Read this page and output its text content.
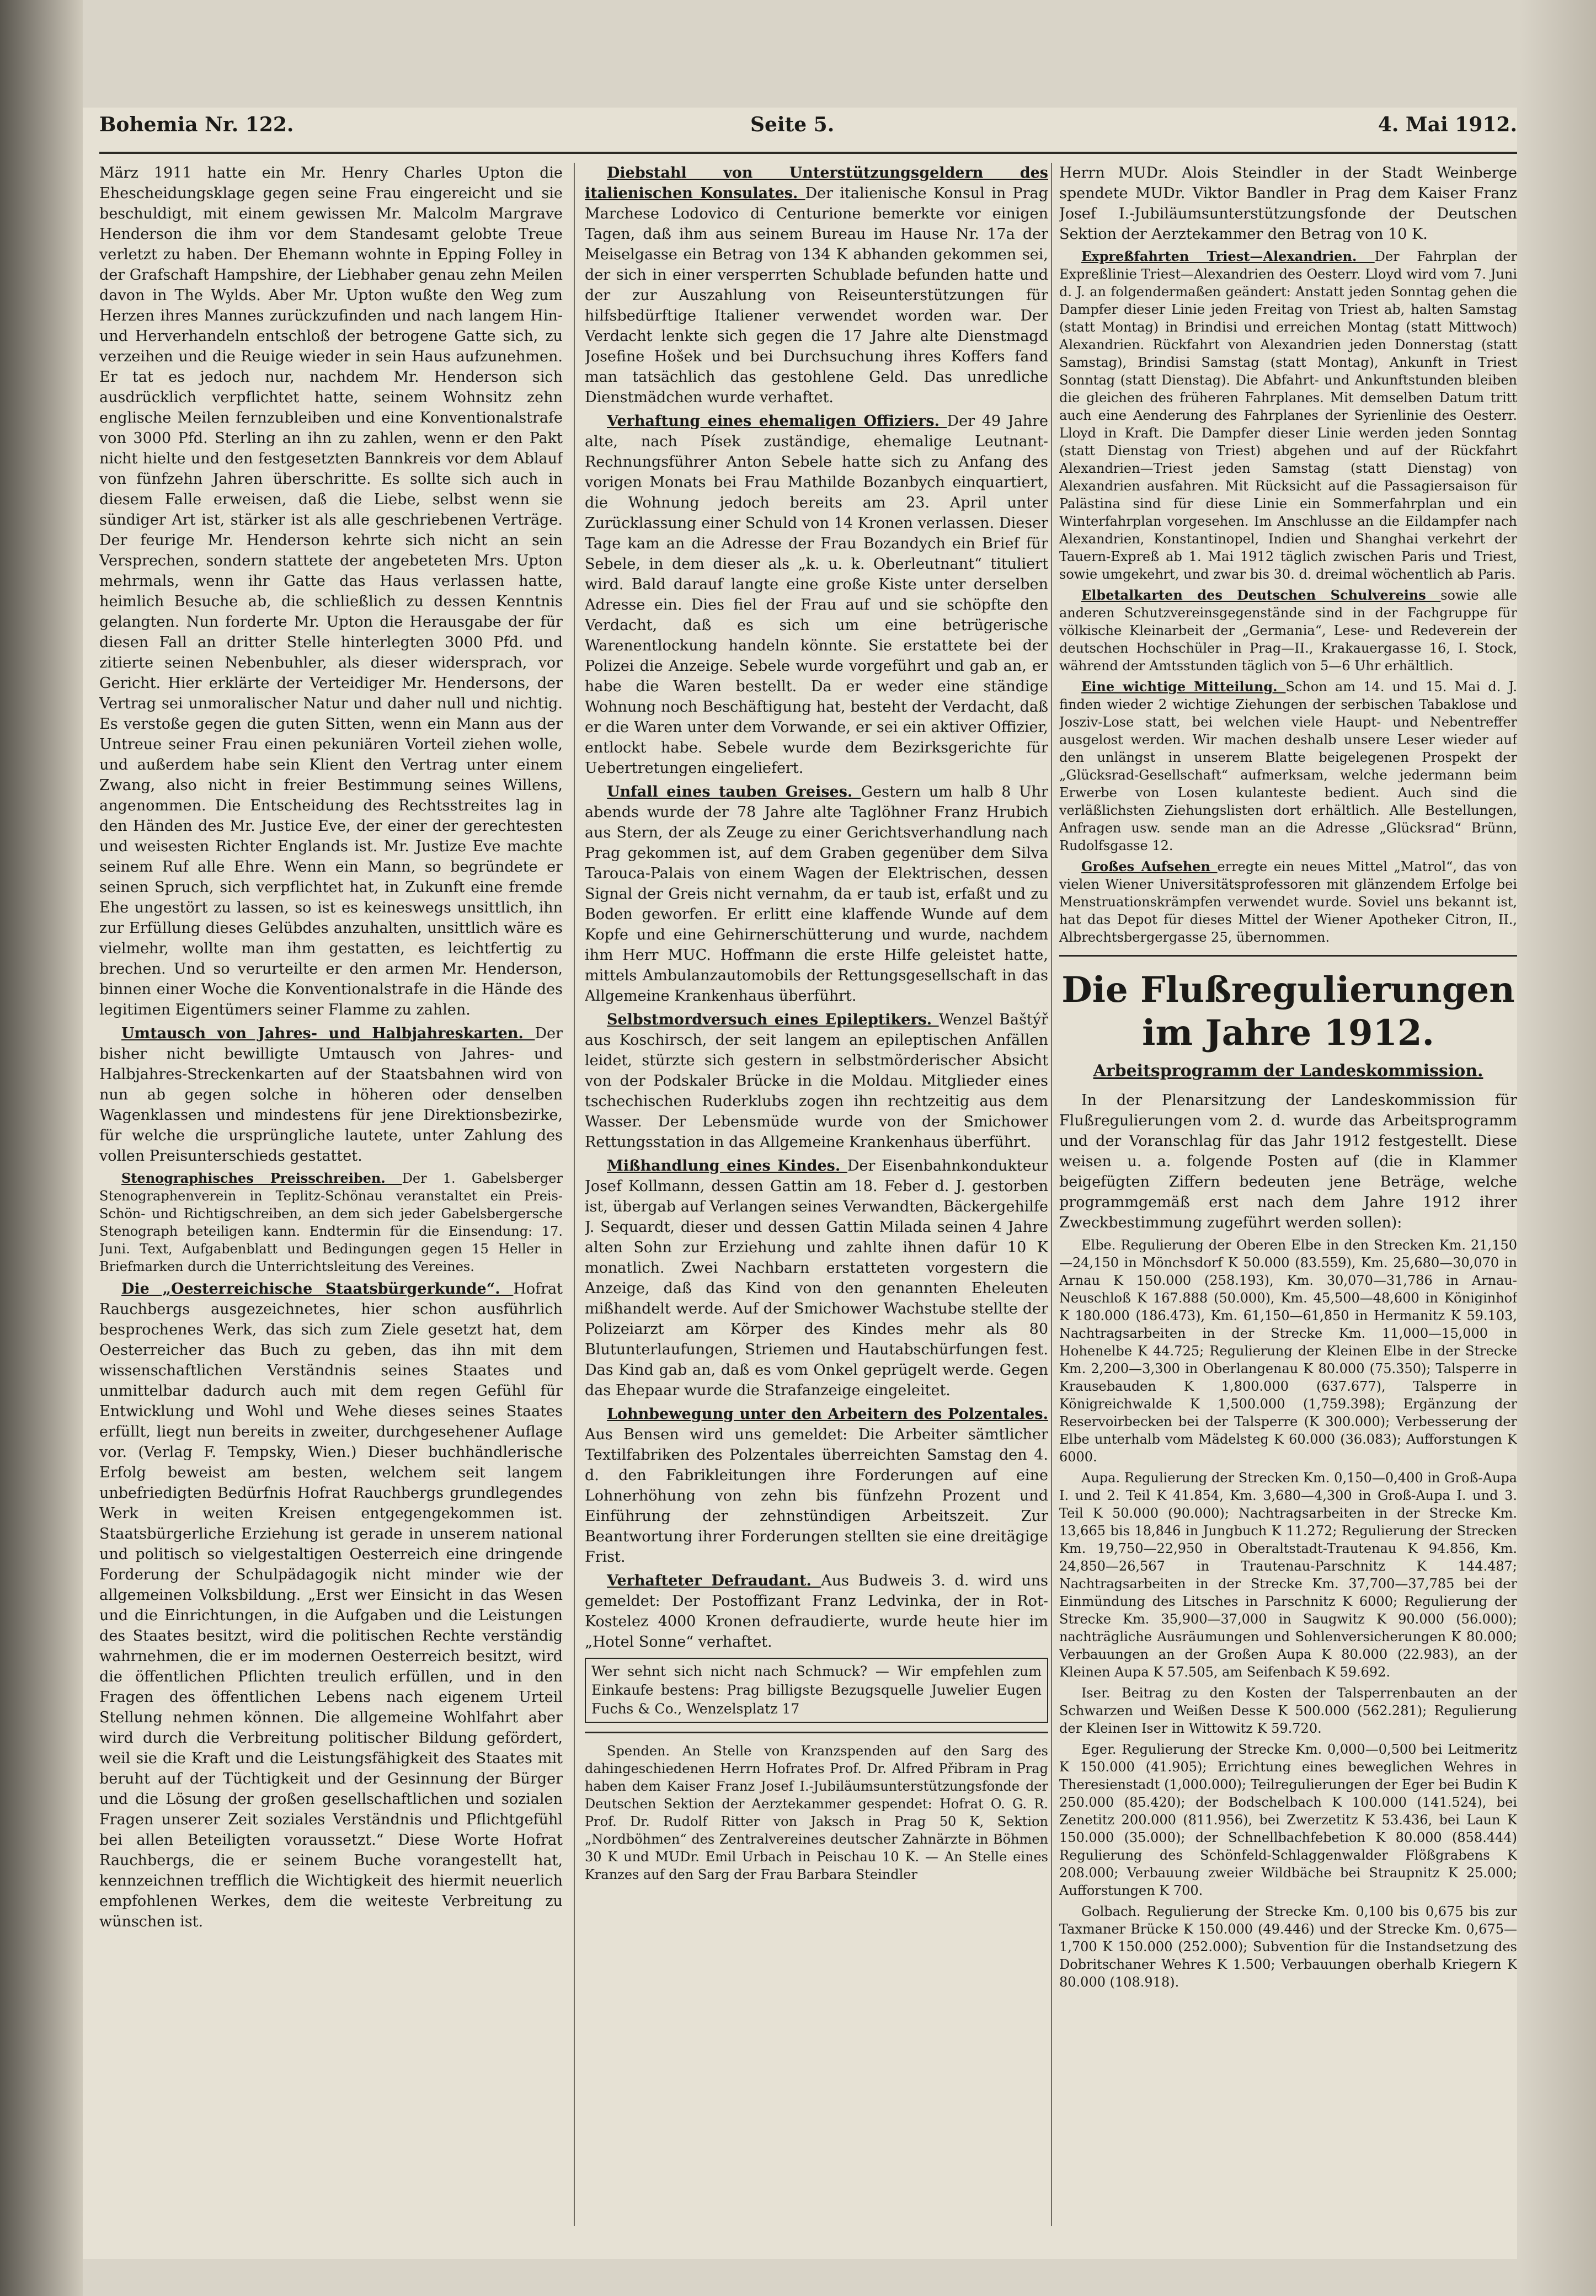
Bohemia Nr. 122.	Seite 5.	4. Mai 1912.

März 1911 hatte ein Mr. Henry Charles Upton die Ehescheidungsklage gegen seine Frau eingereicht und sie beschuldigt, mit einem gewissen Mr. Malcolm Margrave Henderson die ihm vor dem Standesamt gelobte Treue verletzt zu haben. Der Ehemann wohnte in Epping Folley in der Grafschaft Hampshire, der Liebhaber genau zehn Meilen davon in The Wylds. Aber Mr. Upton wußte den Weg zum Herzen ihres Mannes zurückzufinden und nach langem Hin- und Herverhandeln entschloß der betrogene Gatte sich, zu verzeihen und die Reuige wieder in sein Haus aufzunehmen. Er tat es jedoch nur, nachdem Mr. Henderson sich ausdrücklich verpflichtet hatte, seinem Wohnsitz zehn englische Meilen fernzubleiben und eine Konventionalstrafe von 3000 Pfd. Sterling an ihn zu zahlen, wenn er den Pakt nicht hielte und den festgesetzten Bannkreis vor dem Ablauf von fünfzehn Jahren überschritte. Es sollte sich auch in diesem Falle erweisen, daß die Liebe, selbst wenn sie sündiger Art ist, stärker ist als alle geschriebenen Verträge. Der feurige Mr. Henderson kehrte sich nicht an sein Versprechen, sondern stattete der angebeteten Mrs. Upton mehrmals, wenn ihr Gatte das Haus verlassen hatte, heimlich Besuche ab, die schließlich zu dessen Kenntnis gelangten. Nun forderte Mr. Upton die Herausgabe der für diesen Fall an dritter Stelle hinterlegten 3000 Pfd. und zitierte seinen Nebenbuhler, als dieser widersprach, vor Gericht. Hier erklärte der Verteidiger Mr. Hendersons, der Vertrag sei unmoralischer Natur und daher null und nichtig. Es verstoße gegen die guten Sitten, wenn ein Mann aus der Untreue seiner Frau einen pekuniären Vorteil ziehen wolle, und außerdem habe sein Klient den Vertrag unter einem Zwang, also nicht in freier Bestimmung seines Willens, angenommen. Die Entscheidung des Rechtsstreites lag in den Händen des Mr. Justice Eve, der einer der gerechtesten und weisesten Richter Englands ist. Mr. Justize Eve machte seinem Ruf alle Ehre. Wenn ein Mann, so begründete er seinen Spruch, sich verpflichtet hat, in Zukunft eine fremde Ehe ungestört zu lassen, so ist es keineswegs unsittlich, ihn zur Erfüllung dieses Gelübdes anzuhalten, unsittlich wäre es vielmehr, wollte man ihm gestatten, es leichtfertig zu brechen. Und so verurteilte er den armen Mr. Henderson, binnen einer Woche die Konventionalstrafe in die Hände des legitimen Eigentümers seiner Flamme zu zahlen.

Umtausch von Jahres- und Halbjahreskarten. Der bisher nicht bewilligte Umtausch von Jahres- und Halbjahres-Streckenkarten auf der Staatsbahnen wird von nun ab gegen solche in höheren oder denselben Wagenklassen und mindestens für jene Direktionsbezirke, für welche die ursprüngliche lautete, unter Zahlung des vollen Preisunterschieds gestattet.

Stenographisches Preisschreiben. Der 1. Gabelsberger Stenographenverein in Teplitz-Schönau veranstaltet ein Preis-Schön- und Richtigschreiben, an dem sich jeder Gabelsbergersche Stenograph beteiligen kann. Endtermin für die Einsendung: 17. Juni. Text, Aufgabenblatt und Bedingungen gegen 15 Heller in Briefmarken durch die Unterrichtsleitung des Vereines.

Die „Oesterreichische Staatsbürgerkunde“. Hofrat Rauchbergs ausgezeichnetes, hier schon ausführlich besprochenes Werk, das sich zum Ziele gesetzt hat, dem Oesterreicher das Buch zu geben, das ihn mit dem wissenschaftlichen Verständnis seines Staates und unmittelbar dadurch auch mit dem regen Gefühl für Entwicklung und Wohl und Wehe dieses seines Staates erfüllt, liegt nun bereits in zweiter, durchgesehener Auflage vor. (Verlag F. Tempsky, Wien.) Dieser buchhändlerische Erfolg beweist am besten, welchem seit langem unbefriedigten Bedürfnis Hofrat Rauchbergs grundlegendes Werk in weiten Kreisen entgegengekommen ist. Staatsbürgerliche Erziehung ist gerade in unserem national und politisch so vielgestaltigen Oesterreich eine dringende Forderung der Schulpädagogik nicht minder wie der allgemeinen Volksbildung. „Erst wer Einsicht in das Wesen und die Einrichtungen, in die Aufgaben und die Leistungen des Staates besitzt, wird die politischen Rechte verständig wahrnehmen, die er im modernen Oesterreich besitzt, wird die öffentlichen Pflichten treulich erfüllen, und in den Fragen des öffentlichen Lebens nach eigenem Urteil Stellung nehmen können. Die allgemeine Wohlfahrt aber wird durch die Verbreitung politischer Bildung gefördert, weil sie die Kraft und die Leistungsfähigkeit des Staates mit beruht auf der Tüchtigkeit und der Gesinnung der Bürger und die Lösung der großen gesellschaftlichen und sozialen Fragen unserer Zeit soziales Verständnis und Pflichtgefühl bei allen Beteiligten voraussetzt.“ Diese Worte Hofrat Rauchbergs, die er seinem Buche vorangestellt hat, kennzeichnen trefflich die Wichtigkeit des hiermit neuerlich empfohlenen Werkes, dem die weiteste Verbreitung zu wünschen ist.

Diebstahl von Unterstützungsgeldern des italienischen Konsulates. Der italienische Konsul in Prag Marchese Lodovico di Centurione bemerkte vor einigen Tagen, daß ihm aus seinem Bureau im Hause Nr. 17a der Meiselgasse ein Betrag von 134 K abhanden gekommen sei, der sich in einer versperrten Schublade befunden hatte und der zur Auszahlung von Reiseunterstützungen für hilfsbedürftige Italiener verwendet worden war. Der Verdacht lenkte sich gegen die 17 Jahre alte Dienstmagd Josefine Hošek und bei Durchsuchung ihres Koffers fand man tatsächlich das gestohlene Geld. Das unredliche Dienstmädchen wurde verhaftet.

Verhaftung eines ehemaligen Offiziers. Der 49 Jahre alte, nach Písek zuständige, ehemalige Leutnant-Rechnungsführer Anton Sebele hatte sich zu Anfang des vorigen Monats bei Frau Mathilde Bozanbych einquartiert, die Wohnung jedoch bereits am 23. April unter Zurücklassung einer Schuld von 14 Kronen verlassen. Dieser Tage kam an die Adresse der Frau Bozandych ein Brief für Sebele, in dem dieser als „k. u. k. Oberleutnant“ tituliert wird. Bald darauf langte eine große Kiste unter derselben Adresse ein. Dies fiel der Frau auf und sie schöpfte den Verdacht, daß es sich um eine betrügerische Warenentlockung handeln könnte. Sie erstattete bei der Polizei die Anzeige. Sebele wurde vorgeführt und gab an, er habe die Waren bestellt. Da er weder eine ständige Wohnung noch Beschäftigung hat, besteht der Verdacht, daß er die Waren unter dem Vorwande, er sei ein aktiver Offizier, entlockt habe. Sebele wurde dem Bezirksgerichte für Uebertretungen eingeliefert.

Unfall eines tauben Greises. Gestern um halb 8 Uhr abends wurde der 78 Jahre alte Taglöhner Franz Hrubich aus Stern, der als Zeuge zu einer Gerichtsverhandlung nach Prag gekommen ist, auf dem Graben gegenüber dem Silva Tarouca-Palais von einem Wagen der Elektrischen, dessen Signal der Greis nicht vernahm, da er taub ist, erfaßt und zu Boden geworfen. Er erlitt eine klaffende Wunde auf dem Kopfe und eine Gehirnerschütterung und wurde, nachdem ihm Herr MUC. Hoffmann die erste Hilfe geleistet hatte, mittels Ambulanzautomobils der Rettungsgesellschaft in das Allgemeine Krankenhaus überführt.

Selbstmordversuch eines Epileptikers. Wenzel Baštýř aus Koschirsch, der seit langem an epileptischen Anfällen leidet, stürzte sich gestern in selbstmörderischer Absicht von der Podskaler Brücke in die Moldau. Mitglieder eines tschechischen Ruderklubs zogen ihn rechtzeitig aus dem Wasser. Der Lebensmüde wurde von der Smichower Rettungsstation in das Allgemeine Krankenhaus überführt.

Mißhandlung eines Kindes. Der Eisenbahnkondukteur Josef Kollmann, dessen Gattin am 18. Feber d. J. gestorben ist, übergab auf Verlangen seines Verwandten, Bäckergehilfe J. Sequardt, dieser und dessen Gattin Milada seinen 4 Jahre alten Sohn zur Erziehung und zahlte ihnen dafür 10 K monatlich. Zwei Nachbarn erstatteten vorgestern die Anzeige, daß das Kind von den genannten Eheleuten mißhandelt werde. Auf der Smichower Wachstube stellte der Polizeiarzt am Körper des Kindes mehr als 80 Blutunterlaufungen, Striemen und Hautabschürfungen fest. Das Kind gab an, daß es vom Onkel geprügelt werde. Gegen das Ehepaar wurde die Strafanzeige eingeleitet.

Lohnbewegung unter den Arbeitern des Polzentales. Aus Bensen wird uns gemeldet: Die Arbeiter sämtlicher Textilfabriken des Polzentales überreichten Samstag den 4. d. den Fabrikleitungen ihre Forderungen auf eine Lohnerhöhung von zehn bis fünfzehn Prozent und Einführung der zehnstündigen Arbeitszeit. Zur Beantwortung ihrer Forderungen stellten sie eine dreitägige Frist.

Verhafteter Defraudant. Aus Budweis 3. d. wird uns gemeldet: Der Postoffizant Franz Ledvinka, der in Rot-Kostelez 4000 Kronen defraudierte, wurde heute hier im „Hotel Sonne“ verhaftet.

Wer sehnt sich nicht nach Schmuck? — Wir empfehlen zum Einkaufe bestens: Prag billigste Bezugsquelle Juwelier Eugen Fuchs & Co., Wenzelsplatz 17

Spenden. An Stelle von Kranzspenden auf den Sarg des dahingeschiedenen Herrn Hofrates Prof. Dr. Alfred Přibram in Prag haben dem Kaiser Franz Josef I.-Jubiläumsunterstützungsfonde der Deutschen Sektion der Aerztekammer gespendet: Hofrat O. G. R. Prof. Dr. Rudolf Ritter von Jaksch in Prag 50 K, Sektion „Nordböhmen“ des Zentralvereines deutscher Zahnärzte in Böhmen 30 K und MUDr. Emil Urbach in Peischau 10 K. — An Stelle eines Kranzes auf den Sarg der Frau Barbara Steindler

Herrn MUDr. Alois Steindler in der Stadt Weinberge spendete MUDr. Viktor Bandler in Prag dem Kaiser Franz Josef I.-Jubiläumsunterstützungsfonde der Deutschen Sektion der Aerztekammer den Betrag von 10 K.

Expreßfahrten Triest—Alexandrien. Der Fahrplan der Expreßlinie Triest—Alexandrien des Oesterr. Lloyd wird vom 7. Juni d. J. an folgendermaßen geändert: Anstatt jeden Sonntag gehen die Dampfer dieser Linie jeden Freitag von Triest ab, halten Samstag (statt Montag) in Brindisi und erreichen Montag (statt Mittwoch) Alexandrien. Rückfahrt von Alexandrien jeden Donnerstag (statt Samstag), Brindisi Samstag (statt Montag), Ankunft in Triest Sonntag (statt Dienstag). Die Abfahrt- und Ankunftstunden bleiben die gleichen des früheren Fahrplanes. Mit demselben Datum tritt auch eine Aenderung des Fahrplanes der Syrienlinie des Oesterr. Lloyd in Kraft. Die Dampfer dieser Linie werden jeden Sonntag (statt Dienstag von Triest) abgehen und auf der Rückfahrt Alexandrien—Triest jeden Samstag (statt Dienstag) von Alexandrien ausfahren. Mit Rücksicht auf die Passagiersaison für Palästina sind für diese Linie ein Sommerfahrplan und ein Winterfahrplan vorgesehen. Im Anschlusse an die Eildampfer nach Alexandrien, Konstantinopel, Indien und Shanghai verkehrt der Tauern-Expreß ab 1. Mai 1912 täglich zwischen Paris und Triest, sowie umgekehrt, und zwar bis 30. d. dreimal wöchentlich ab Paris.

Elbetalkarten des Deutschen Schulvereins sowie alle anderen Schutzvereinsgegenstände sind in der Fachgruppe für völkische Kleinarbeit der „Germania“, Lese- und Redeverein der deutschen Hochschüler in Prag—II., Krakauergasse 16, I. Stock, während der Amtsstunden täglich von 5—6 Uhr erhältlich.

Eine wichtige Mitteilung. Schon am 14. und 15. Mai d. J. finden wieder 2 wichtige Ziehungen der serbischen Tabaklose und Josziv-Lose statt, bei welchen viele Haupt- und Nebentreffer ausgelost werden. Wir machen deshalb unsere Leser wieder auf den unlängst in unserem Blatte beigelegenen Prospekt der „Glücksrad-Gesellschaft“ aufmerksam, welche jedermann beim Erwerbe von Losen kulanteste bedient. Auch sind die verläßlichsten Ziehungslisten dort erhältlich. Alle Bestellungen, Anfragen usw. sende man an die Adresse „Glücksrad“ Brünn, Rudolfsgasse 12.

Großes Aufsehen erregte ein neues Mittel „Matrol“, das von vielen Wiener Universitätsprofessoren mit glänzendem Erfolge bei Menstruationskrämpfen verwendet wurde. Soviel uns bekannt ist, hat das Depot für dieses Mittel der Wiener Apotheker Citron, II., Albrechtsbergergasse 25, übernommen.

Die Flußregulierungen im Jahre 1912.
Arbeitsprogramm der Landeskommission.

In der Plenarsitzung der Landeskommission für Flußregulierungen vom 2. d. wurde das Arbeitsprogramm und der Voranschlag für das Jahr 1912 festgestellt. Diese weisen u. a. folgende Posten auf (die in Klammer beigefügten Ziffern bedeuten jene Beträge, welche programmgemäß erst nach dem Jahre 1912 ihrer Zweckbestimmung zugeführt werden sollen):

Elbe. Regulierung der Oberen Elbe in den Strecken Km. 21,150—24,150 in Mönchsdorf K 50.000 (83.559), Km. 25,680—30,070 in Arnau K 150.000 (258.193), Km. 30,070—31,786 in Arnau-Neuschloß K 167.888 (50.000), Km. 45,500—48,600 in Königinhof K 180.000 (186.473), Km. 61,150—61,850 in Hermanitz K 59.103, Nachtragsarbeiten in der Strecke Km. 11,000—15,000 in Hohenelbe K 44.725; Regulierung der Kleinen Elbe in der Strecke Km. 2,200—3,300 in Oberlangenau K 80.000 (75.350); Talsperre in Krausebauden K 1,800.000 (637.677), Talsperre in Königreichwalde K 1,500.000 (1,759.398); Ergänzung der Reservoirbecken bei der Talsperre (K 300.000); Verbesserung der Elbe unterhalb vom Mädelsteg K 60.000 (36.083); Aufforstungen K 6000.

Aupa. Regulierung der Strecken Km. 0,150—0,400 in Groß-Aupa I. und 2. Teil K 41.854, Km. 3,680—4,300 in Groß-Aupa I. und 3. Teil K 50.000 (90.000); Nachtragsarbeiten in der Strecke Km. 13,665 bis 18,846 in Jungbuch K 11.272; Regulierung der Strecken Km. 19,750—22,950 in Oberaltstadt-Trautenau K 94.856, Km. 24,850—26,567 in Trautenau-Parschnitz K 144.487; Nachtragsarbeiten in der Strecke Km. 37,700—37,785 bei der Einmündung des Litsches in Parschnitz K 6000; Regulierung der Strecke Km. 35,900—37,000 in Saugwitz K 90.000 (56.000); nachträgliche Ausräumungen und Sohlenversicherungen K 80.000; Verbauungen an der Großen Aupa K 80.000 (22.983), an der Kleinen Aupa K 57.505, am Seifenbach K 59.692.

Iser. Beitrag zu den Kosten der Talsperrenbauten an der Schwarzen und Weißen Desse K 500.000 (562.281); Regulierung der Kleinen Iser in Wittowitz K 59.720.

Eger. Regulierung der Strecke Km. 0,000—0,500 bei Leitmeritz K 150.000 (41.905); Errichtung eines beweglichen Wehres in Theresienstadt (1,000.000); Teilregulierungen der Eger bei Budin K 250.000 (85.420); der Bodschelbach K 100.000 (141.524), bei Zenetitz 200.000 (811.956), bei Zwerzetitz K 53.436, bei Laun K 150.000 (35.000); der Schnellbachfebetion K 80.000 (858.444) Regulierung des Schönfeld-Schlaggenwalder Flößgrabens K 208.000; Verbauung zweier Wildbäche bei Straupnitz K 25.000; Aufforstungen K 700.

Golbach. Regulierung der Strecke Km. 0,100 bis 0,675 bis zur Taxmaner Brücke K 150.000 (49.446) und der Strecke Km. 0,675—1,700 K 150.000 (252.000); Subvention für die Instandsetzung des Dobritschaner Wehres K 1.500; Verbauungen oberhalb Kriegern K 80.000 (108.918).
